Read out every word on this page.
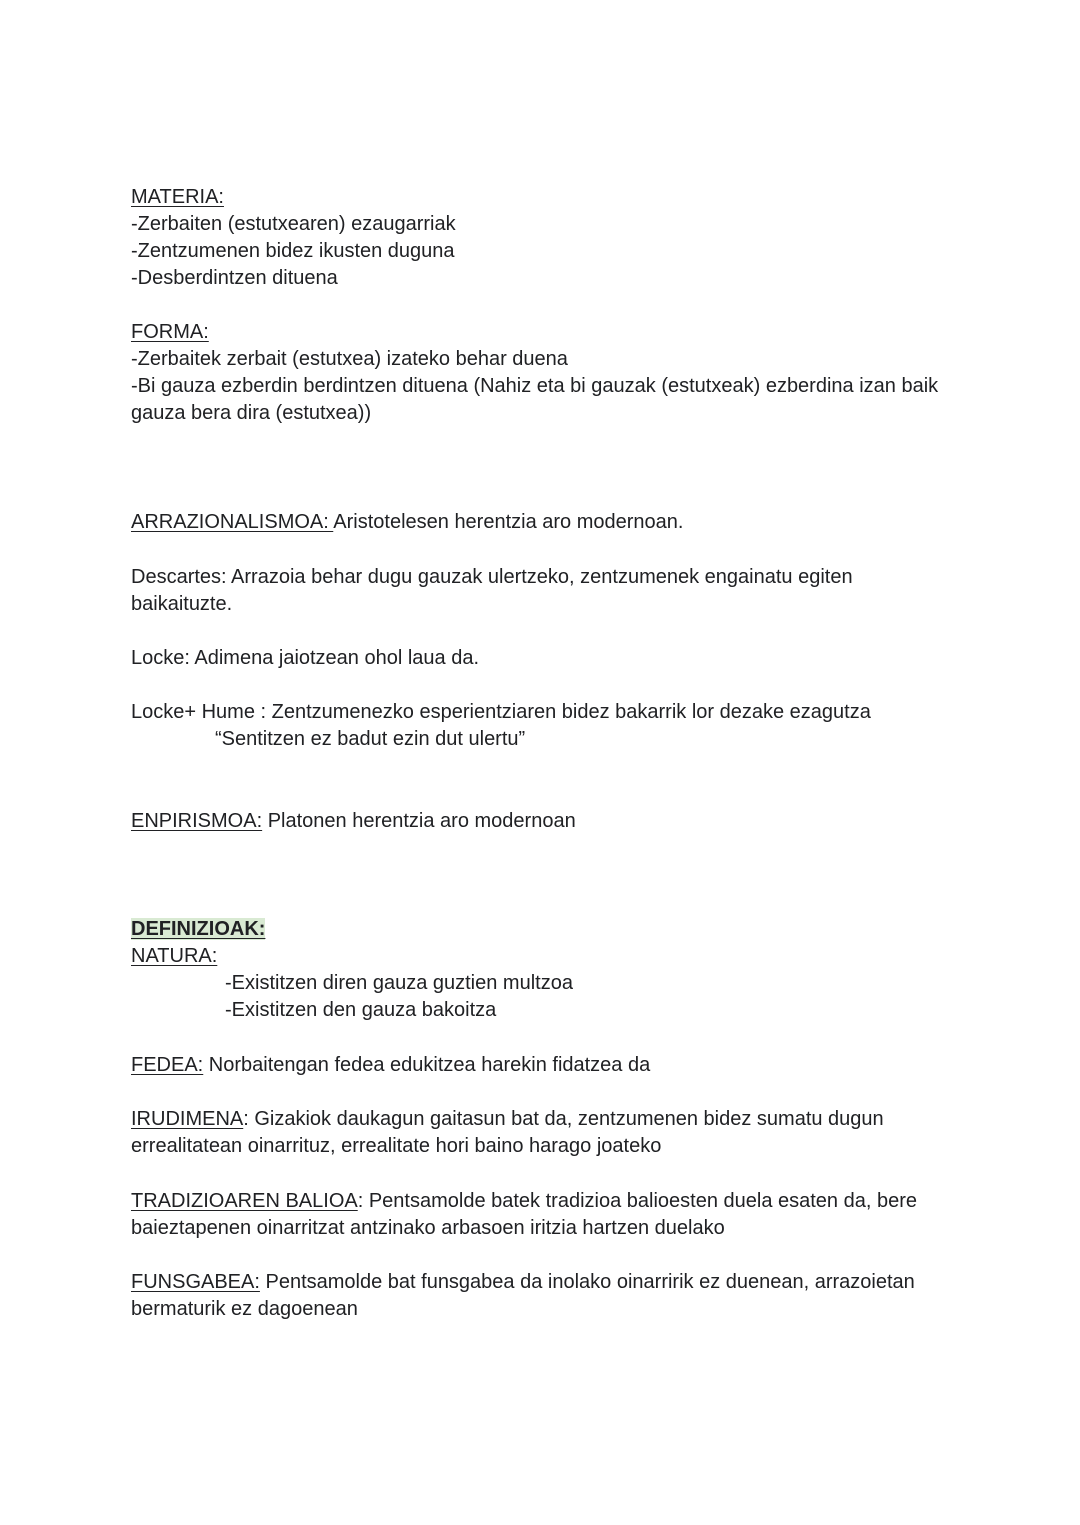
MATERIA:
-Zerbaiten (estutxearen) ezaugarriak
-Zentzumenen bidez ikusten duguna
-Desberdintzen dituena
FORMA:
-Zerbaitek zerbait (estutxea) izateko behar duena
-Bi gauza ezberdin berdintzen dituena (Nahiz eta bi gauzak (estutxeak) ezberdina izan baik gauza bera dira (estutxea))
ARRAZIONALISMOA: Aristotelesen herentzia aro modernoan.
Descartes: Arrazoia behar dugu gauzak ulertzeko, zentzumenek engainatu egiten baikaituzte.
Locke: Adimena jaiotzean ohol laua da.
Locke+ Hume : Zentzumenezko esperientziaren bidez bakarrik lor dezake ezagutza
“Sentitzen ez badut ezin dut ulertu”
ENPIRISMOA: Platonen herentzia aro modernoan
DEFINIZIOAK:
NATURA:
-Existitzen diren gauza guztien multzoa
-Existitzen den gauza bakoitza
FEDEA: Norbaitengan fedea edukitzea harekin fidatzea da
IRUDIMENA: Gizakiok daukagun gaitasun bat da, zentzumenen bidez sumatu dugun errealitatean oinarrituz, errealitate hori baino harago joateko
TRADIZIOAREN BALIOA: Pentsamolde batek tradizioa balioesten duela esaten da, bere baieztapenen oinarritzat antzinako arbasoen iritzia hartzen duelako
FUNSGABEA: Pentsamolde bat funsgabea da inolako oinarririk ez duenean, arrazoietan bermaturik ez dagoenean
